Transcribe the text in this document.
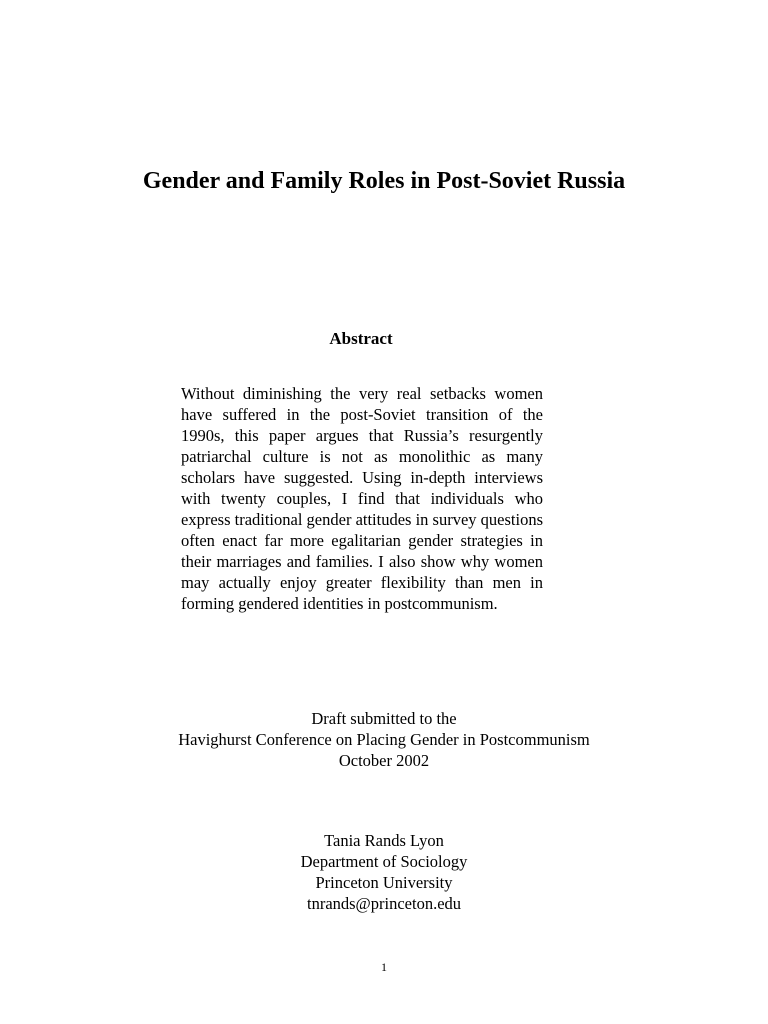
Gender and Family Roles in Post-Soviet Russia
Abstract

Without diminishing the very real setbacks women have suffered in the post-Soviet transition of the 1990s, this paper argues that Russia’s resurgently patriarchal culture is not as monolithic as many scholars have suggested. Using in-depth interviews with twenty couples, I find that individuals who express traditional gender attitudes in survey questions often enact far more egalitarian gender strategies in their marriages and families. I also show why women may actually enjoy greater flexibility than men in forming gendered identities in postcommunism.

Draft submitted to the
Havighurst Conference on Placing Gender in Postcommunism
October 2002
Tania Rands Lyon
Department of Sociology
Princeton University
tnrands@princeton.edu
1
